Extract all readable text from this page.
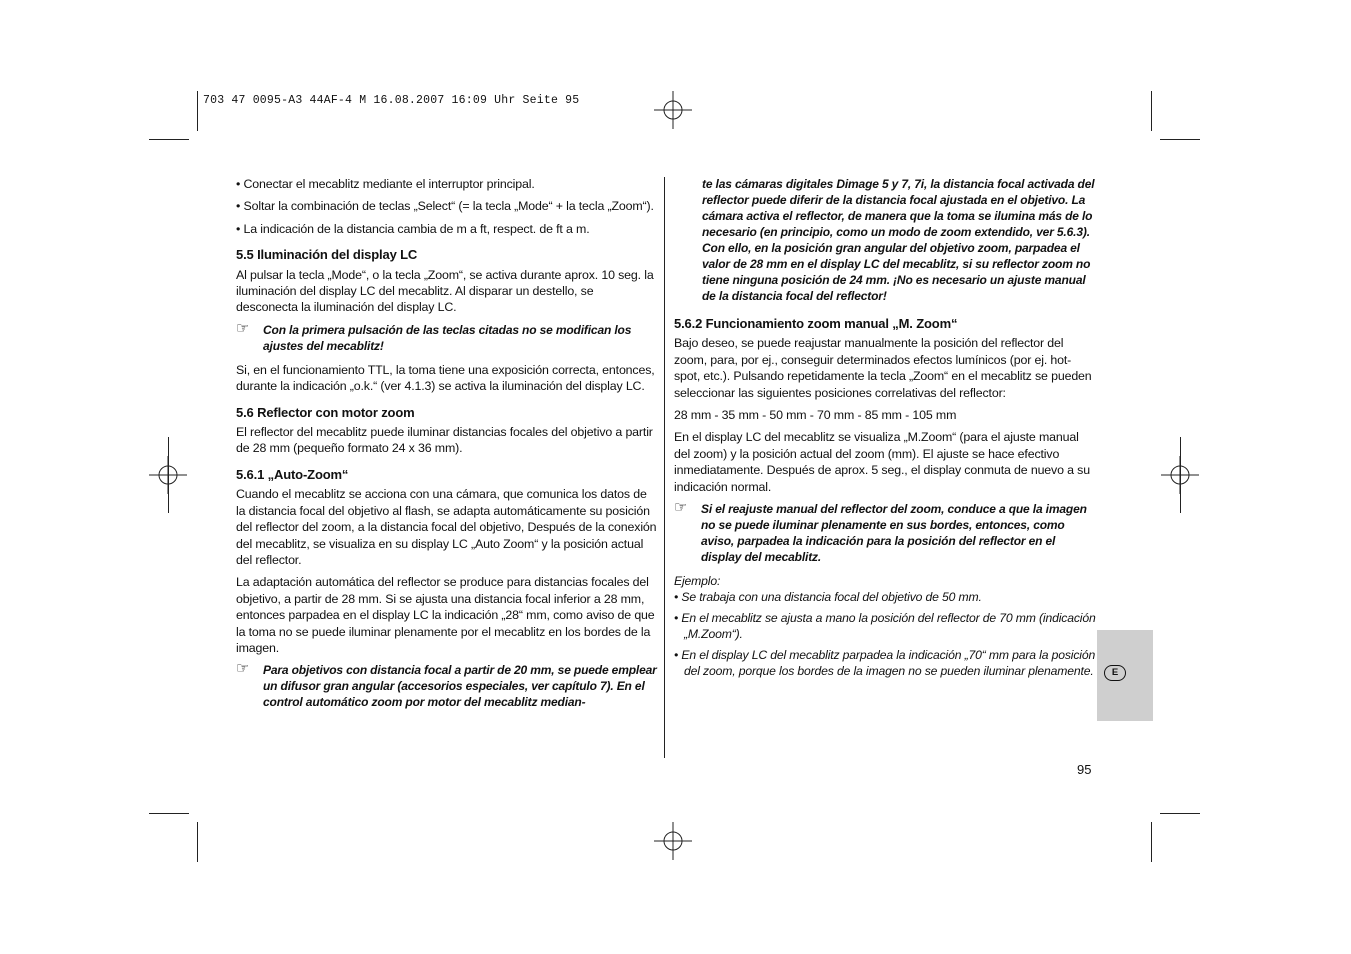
703 47 0095-A3 44AF-4 M 16.08.2007 16:09 Uhr Seite 95
• Conectar el mecablitz mediante el interruptor principal.
• Soltar la combinación de teclas „Select“ (= la tecla „Mode“ + la tecla „Zoom“).
• La indicación de la distancia cambia de m a ft, respect. de ft a m.
5.5 Iluminación del display LC

Al pulsar la tecla „Mode“, o la tecla „Zoom“, se activa durante aprox. 10 seg. la iluminación del display LC del mecablitz. Al disparar un destello, se desconecta la iluminación del display LC.

☞ Con la primera pulsación de las teclas citadas no se modifican los ajustes del mecablitz!

Si, en el funcionamiento TTL, la toma tiene una exposición correcta, entonces, durante la indicación „o.k.“ (ver 4.1.3) se activa la iluminación del display LC.

5.6 Reflector con motor zoom

El reflector del mecablitz puede iluminar distancias focales del objetivo a partir de 28 mm (pequeño formato 24 x 36 mm).

5.6.1 „Auto-Zoom“

Cuando el mecablitz se acciona con una cámara, que comunica los datos de la distancia focal del objetivo al flash, se adapta automáticamente su posición del reflector del zoom, a la distancia focal del objetivo, Después de la conexión del mecablitz, se visualiza en su display LC „Auto Zoom“ y la posición actual del reflector.

La adaptación automática del reflector se produce para distancias focales del objetivo, a partir de 28 mm. Si se ajusta una distancia focal inferior a 28 mm, entonces parpadea en el display LC la indicación „28“ mm, como aviso de que la toma no se puede iluminar plenamente por el mecablitz en los bordes de la imagen.

☞ Para objetivos con distancia focal a partir de 20 mm, se puede emplear un difusor gran angular (accesorios especiales, ver capítulo 7). En el control automático zoom por motor del mecablitz median-
te las cámaras digitales Dimage 5 y 7, 7i, la distancia focal activada del reflector puede diferir de la distancia focal ajustada en el objetivo. La cámara activa el reflector, de manera que la toma se ilumina más de lo necesario (en principio, como un modo de zoom extendido, ver 5.6.3). Con ello, en la posición gran angular del objetivo zoom, parpadea el valor de 28 mm en el display LC del mecablitz, si su reflector zoom no tiene ninguna posición de 24 mm. ¡No es necesario un ajuste manual de la distancia focal del reflector!
5.6.2 Funcionamiento zoom manual „M. Zoom“

Bajo deseo, se puede reajustar manualmente la posición del reflector del zoom, para, por ej., conseguir determinados efectos lumínicos (por ej. hot-spot, etc.). Pulsando repetidamente la tecla „Zoom“ en el mecablitz se pueden seleccionar las siguientes posiciones correlativas del reflector:

28 mm - 35 mm - 50 mm - 70 mm - 85 mm - 105 mm

En el display LC del mecablitz se visualiza „M.Zoom“ (para el ajuste manual del zoom) y la posición actual del zoom (mm). El ajuste se hace efectivo inmediatamente. Después de aprox. 5 seg., el display conmuta de nuevo a su indicación normal.

☞ Si el reajuste manual del reflector del zoom, conduce a que la imagen no se puede iluminar plenamente en sus bordes, entonces, como aviso, parpadea la indicación para la posición del reflector en el display del mecablitz.
Ejemplo:
• Se trabaja con una distancia focal del objetivo de 50 mm.
• En el mecablitz se ajusta a mano la posición del reflector de 70 mm (indicación „M.Zoom“).
• En el display LC del mecablitz parpadea la indicación „70“ mm para la posición del zoom, porque los bordes de la imagen no se pueden iluminar plenamente.	E
95
